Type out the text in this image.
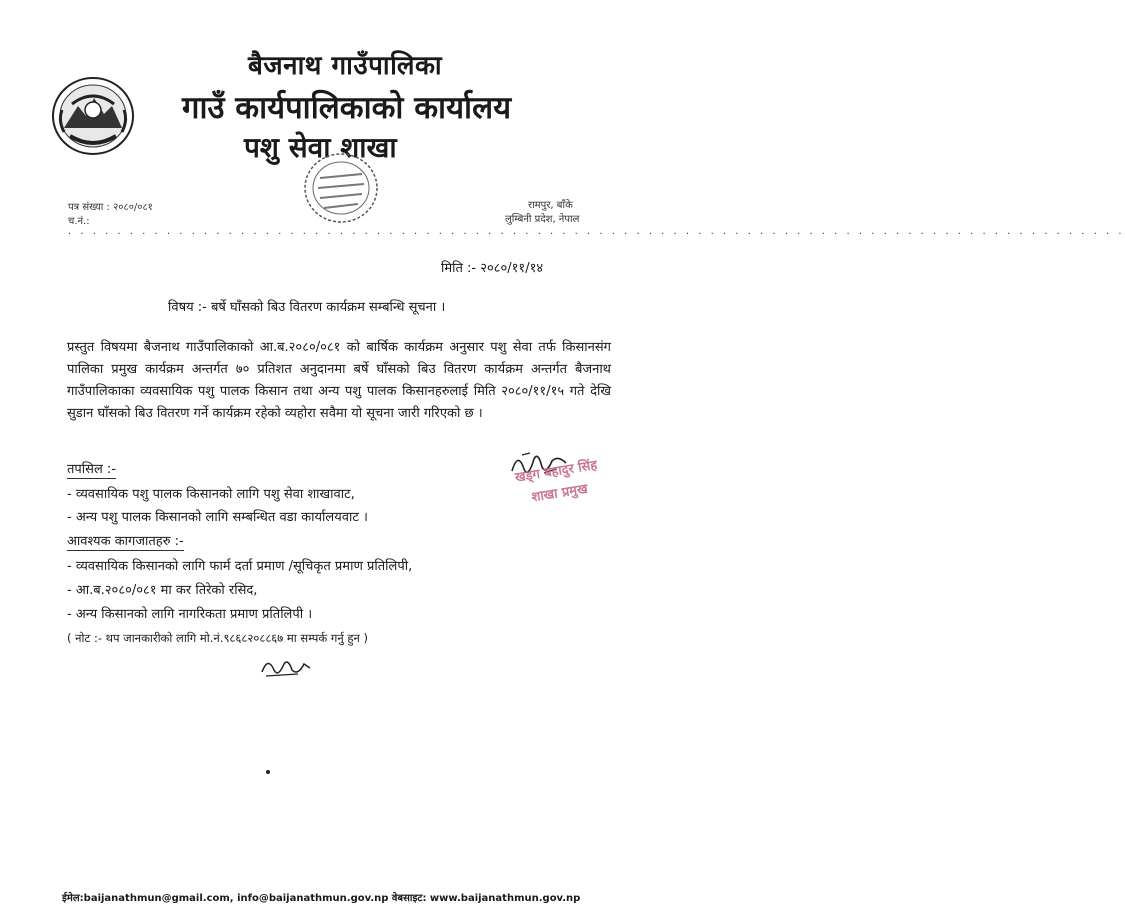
बैजनाथ गाउँपालिका
गाउँ कार्यपालिकाको कार्यालय
पशु सेवा शाखा
पत्र संख्या : २०८०/०८१
च.नं.:
रामपुर, बाँके
लुम्बिनी प्रदेश, नेपाल
. . . . . . . . . . . . . . . . . . . . . . . . . . . . . . . . . . . . . . . . . . . . . . . . . . . . . . . . . . . . . . . . . . . . . . . . . . . . . . . . . . . . . .
मिति :- २०८०/११/१४
विषय :- बर्षे घाँसको बिउ वितरण कार्यक्रम सम्बन्धि सूचना ।
प्रस्तुत विषयमा बैजनाथ गाउँपालिकाको आ.ब.२०८०/०८१ को बार्षिक कार्यक्रम अनुसार पशु सेवा तर्फ किसानसंग पालिका प्रमुख कार्यक्रम अन्तर्गत ७० प्रतिशत अनुदानमा बर्षे घाँसको बिउ वितरण कार्यक्रम अन्तर्गत बैजनाथ गाउँपालिकाका व्यवसायिक पशु पालक किसान तथा अन्य पशु पालक किसानहरुलाई मिति २०८०/११/१५ गते देखि सुडान घाँसको बिउ वितरण गर्ने कार्यक्रम रहेको व्यहोरा सवैमा यो सूचना जारी गरिएको छ ।
खड्ग बहादुर सिंह
शाखा प्रमुख
तपसिल :-
- व्यवसायिक पशु पालक किसानको लागि पशु सेवा शाखावाट,
- अन्य पशु पालक किसानको लागि सम्बन्धित वडा कार्यालयवाट ।
आवश्यक कागजातहरु :-
- व्यवसायिक किसानको लागि फार्म दर्ता प्रमाण /सूचिकृत प्रमाण प्रतिलिपी,
- आ.ब.२०८०/०८१ मा कर तिरेको रसिद,
- अन्य किसानको लागि नागरिकता प्रमाण प्रतिलिपी ।
( नोट :- थप जानकारीको लागि मो.नं.९८६८२०८८६७ मा सम्पर्क गर्नु हुन )
ईमेल:baijanathmun@gmail.com, info@baijanathmun.gov.np वेबसाइट: www.baijanathmun.gov.np
